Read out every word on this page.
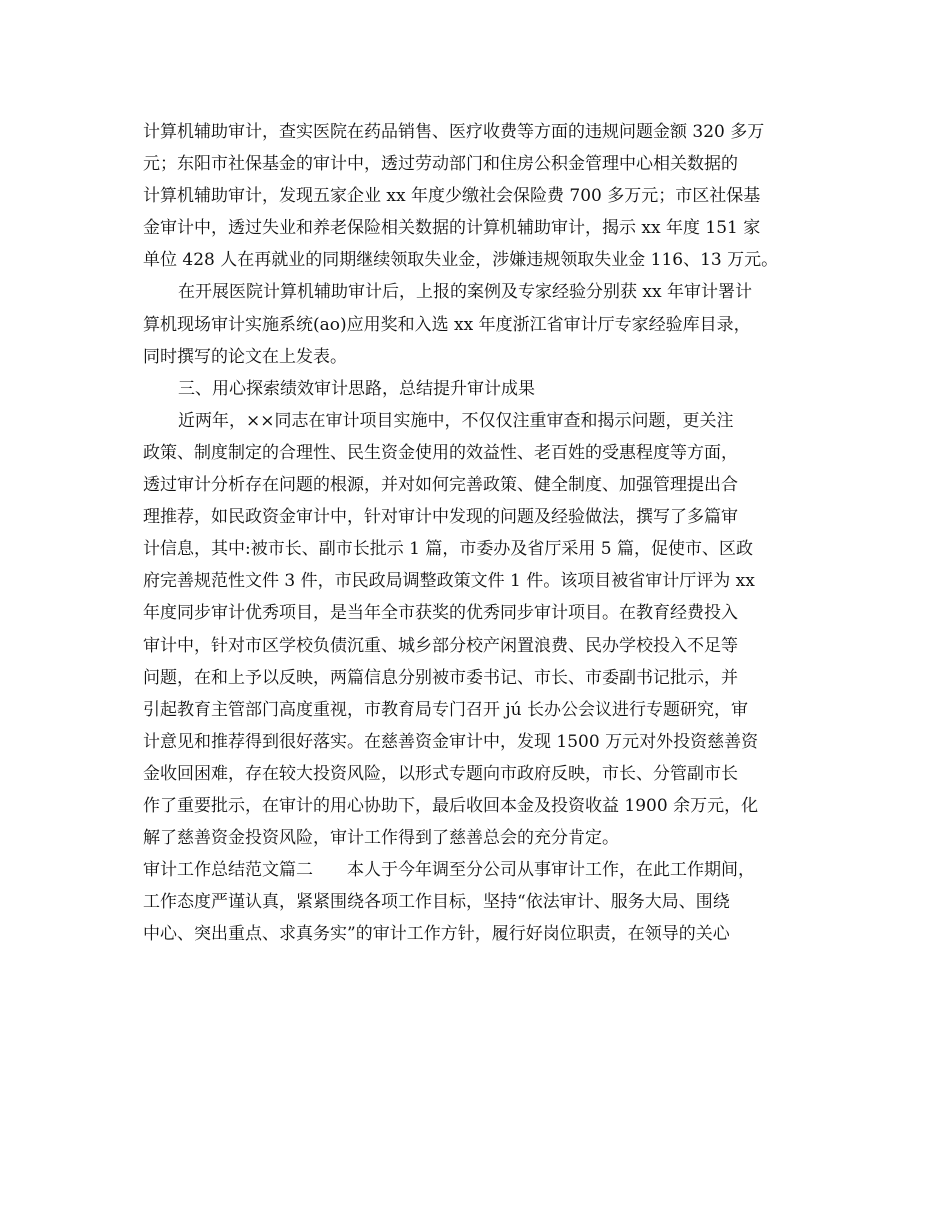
计算机辅助审计，查实医院在药品销售、医疗收费等方面的违规问题金额 320 多万
元；东阳市社保基金的审计中，透过劳动部门和住房公积金管理中心相关数据的
计算机辅助审计，发现五家企业 xx 年度少缴社会保险费 700 多万元；市区社保基
金审计中，透过失业和养老保险相关数据的计算机辅助审计，揭示 xx 年度 151 家
单位 428 人在再就业的同期继续领取失业金，涉嫌违规领取失业金 116、13 万元。
在开展医院计算机辅助审计后，上报的案例及专家经验分别获 xx 年审计署计
算机现场审计实施系统(ao)应用奖和入选 xx 年度浙江省审计厅专家经验库目录，
同时撰写的论文在上发表。
三、用心探索绩效审计思路，总结提升审计成果
近两年，××同志在审计项目实施中，不仅仅注重审查和揭示问题，更关注
政策、制度制定的合理性、民生资金使用的效益性、老百姓的受惠程度等方面，
透过审计分析存在问题的根源，并对如何完善政策、健全制度、加强管理提出合
理推荐，如民政资金审计中，针对审计中发现的问题及经验做法，撰写了多篇审
计信息，其中:被市长、副市长批示 1 篇，市委办及省厅采用 5 篇，促使市、区政
府完善规范性文件 3 件，市民政局调整政策文件 1 件。该项目被省审计厅评为 xx
年度同步审计优秀项目，是当年全市获奖的优秀同步审计项目。在教育经费投入
审计中，针对市区学校负债沉重、城乡部分校产闲置浪费、民办学校投入不足等
问题，在和上予以反映，两篇信息分别被市委书记、市长、市委副书记批示，并
引起教育主管部门高度重视，市教育局专门召开 jú 长办公会议进行专题研究，审
计意见和推荐得到很好落实。在慈善资金审计中，发现 1500 万元对外投资慈善资
金收回困难，存在较大投资风险，以形式专题向市政府反映，市长、分管副市长
作了重要批示，在审计的用心协助下，最后收回本金及投资收益 1900 余万元，化
解了慈善资金投资风险，审计工作得到了慈善总会的充分肯定。
审计工作总结范文篇二　　本人于今年调至分公司从事审计工作，在此工作期间，
工作态度严谨认真，紧紧围绕各项工作目标，坚持“依法审计、服务大局、围绕
中心、突出重点、求真务实”的审计工作方针，履行好岗位职责，在领导的关心
